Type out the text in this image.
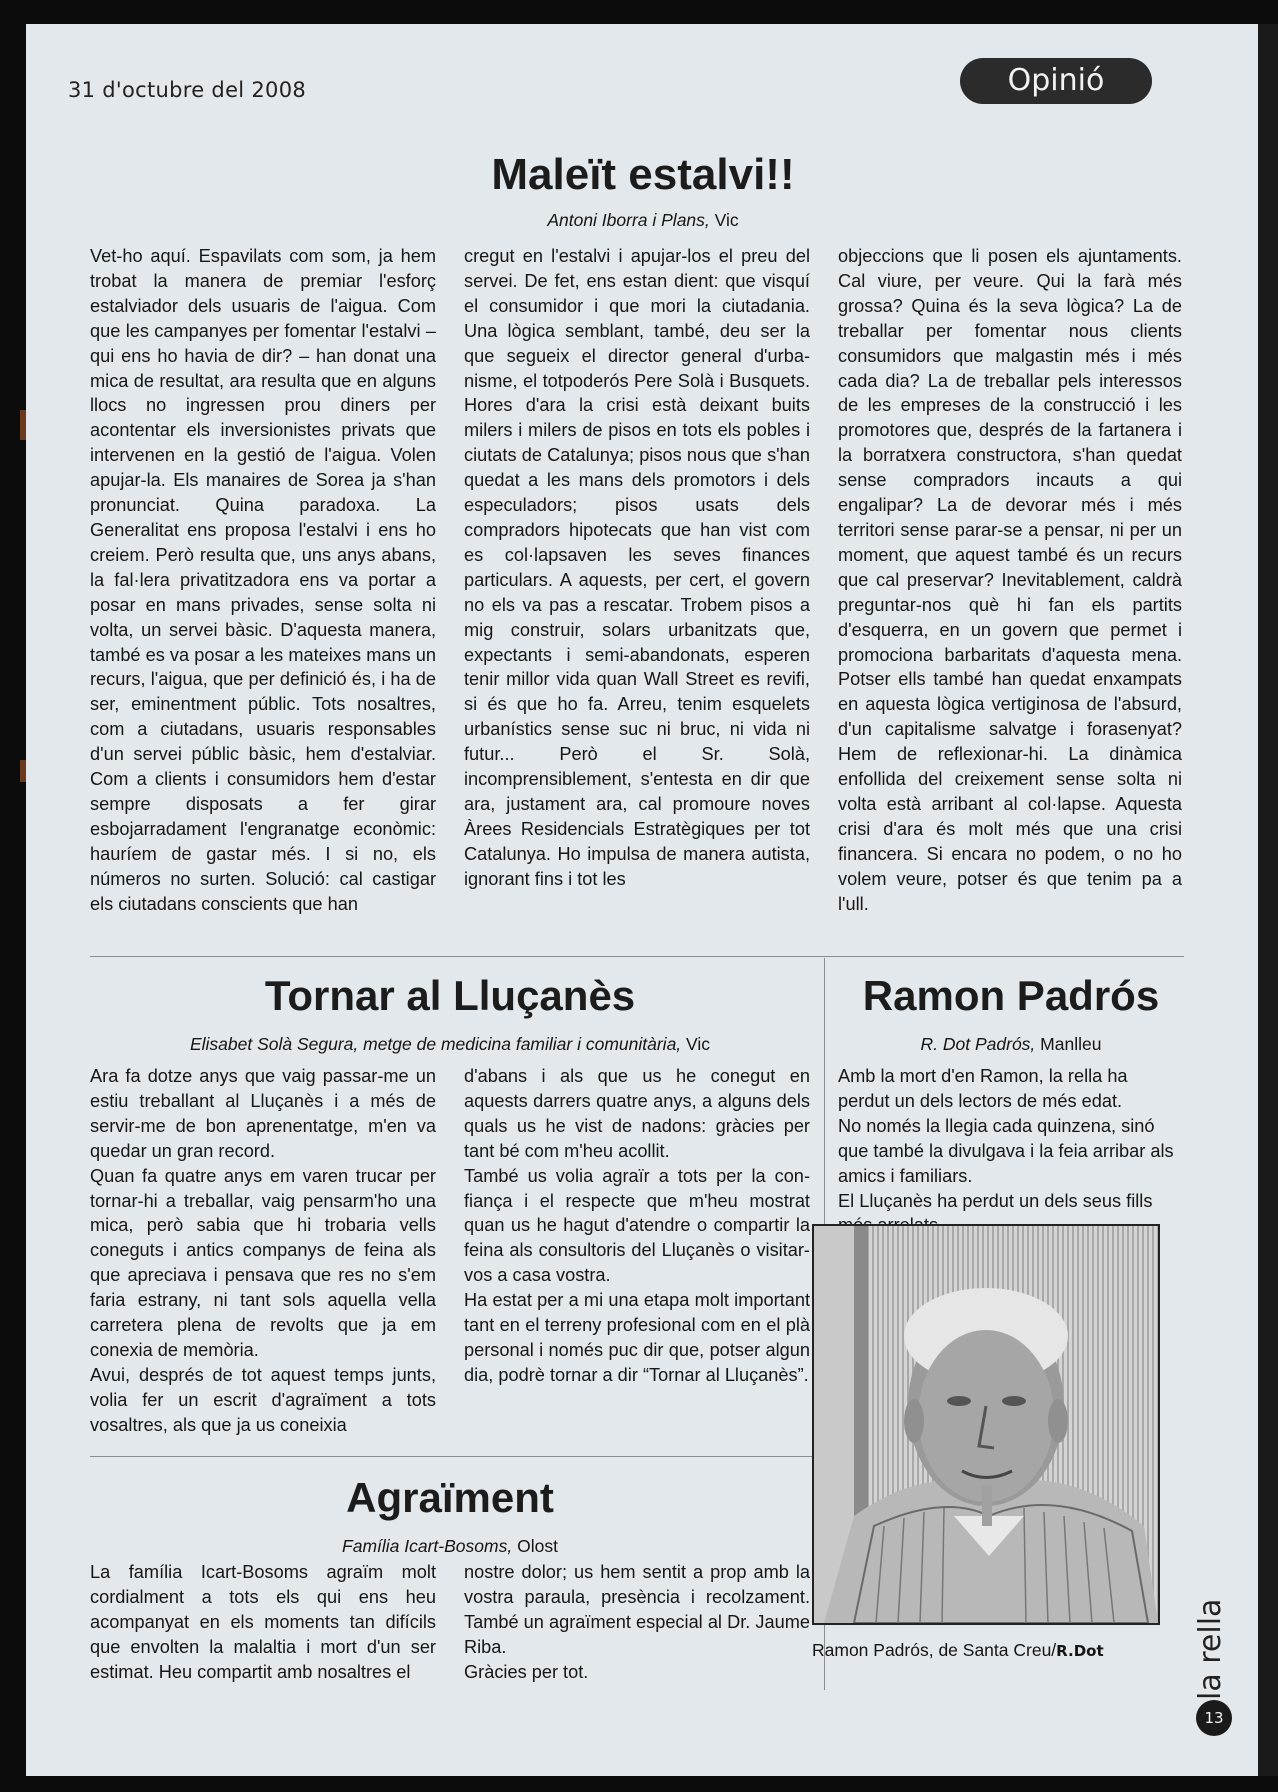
31 d'octubre del 2008	Opinió
Maleït estalvi!!
Antoni Iborra i Plans, Vic

Vet-ho aquí. Espavilats com som, ja hem trobat la manera de premiar l'esforç estalviador dels usuaris de l'aigua. Com que les campanyes per fomentar l'estalvi – qui ens ho havia de dir? – han donat una mica de resultat, ara resulta que en alguns llocs no ingressen prou diners per acontentar els inversionistes privats que intervenen en la gestió de l'aigua. Volen apujar-la. Els manaires de Sorea ja s'han pronunciat. Quina paradoxa. La Generalitat ens proposa l'estalvi i ens ho creiem. Però resulta que, uns anys abans, la fal·lera privatitzadora ens va portar a posar en mans privades, sense solta ni volta, un servei bàsic. D'aquesta manera, també es va posar a les mateixes mans un recurs, l'aigua, que per definició és, i ha de ser, eminentment públic. Tots nosaltres, com a ciutadans, usuaris responsables d'un servei públic bàsic, hem d'estalviar. Com a clients i consumidors hem d'estar sempre disposats a fer girar esbojarradament l'engranatge econòmic: hauríem de gastar més. I si no, els números no surten. Solució: cal castigar els ciutadans conscients que han

cregut en l'estalvi i apujar-los el preu del servei. De fet, ens estan dient: que visquí el consumidor i que mori la ciutadania. Una lògica semblant, també, deu ser la que segueix el director general d'urbanisme, el totpoderós Pere Solà i Busquets. Hores d'ara la crisi està deixant buits milers i milers de pisos en tots els pobles i ciutats de Catalunya; pisos nous que s'han quedat a les mans dels promotors i dels especuladors; pisos usats dels compradors hipotecats que han vist com es col·lapsaven les seves finances particulars. A aquests, per cert, el govern no els va pas a rescatar. Trobem pisos a mig construir, solars urbanitzats que, expectants i semi-abandonats, esperen tenir millor vida quan Wall Street es revifi, si és que ho fa. Arreu, tenim esquelets urbanístics sense suc ni bruc, ni vida ni futur... Però el Sr. Solà, incomprensiblement, s'entesta en dir que ara, justament ara, cal promoure noves Àrees Residencials Estratègiques per tot Catalunya. Ho impulsa de manera autista, ignorant fins i tot les

objeccions que li posen els ajuntaments. Cal viure, per veure. Qui la farà més grossa? Quina és la seva lògica? La de treballar per fomentar nous clients consumidors que malgastin més i més cada dia? La de treballar pels interessos de les empreses de la construcció i les promotores que, després de la fartanera i la borratxera constructora, s'han quedat sense compradors incauts a qui engalipar? La de devorar més i més territori sense parar-se a pensar, ni per un moment, que aquest també és un recurs que cal preservar? Inevitablement, caldrà preguntar-nos què hi fan els partits d'esquerra, en un govern que permet i promociona barbaritats d'aquesta mena. Potser ells també han quedat enxampats en aquesta lògica vertiginosa de l'absurd, d'un capitalisme salvatge i forasenyat? Hem de reflexionar-hi. La dinàmica enfollida del creixement sense solta ni volta està arribant al col·lapse. Aquesta crisi d'ara és molt més que una crisi financera. Si encara no podem, o no ho volem veure, potser és que tenim pa a l'ull.

Tornar al Lluçanès
Elisabet Solà Segura, metge de medicina familiar i comunitària, Vic

Ara fa dotze anys que vaig passar-me un estiu treballant al Lluçanès i a més de servir-me de bon aprenentatge, m'en va quedar un gran record.

Quan fa quatre anys em varen trucar per tornar-hi a treballar, vaig pensarm'ho una mica, però sabia que hi trobaria vells coneguts i antics companys de feina als que apreciava i pensava que res no s'em faria estrany, ni tant sols aquella vella carretera plena de revolts que ja em conexia de memòria.

Avui, després de tot aquest temps junts, volia fer un escrit d'agraïment a tots vosaltres, als que ja us coneixia

d'abans i als que us he conegut en aquests darrers quatre anys, a alguns dels quals us he vist de nadons: gràcies per tant bé com m'heu acollit.

També us volia agraïr a tots per la confiança i el respecte que m'heu mostrat quan us he hagut d'atendre o compartir la feina als consultoris del Lluçanès o visitar-vos a casa vostra.

Ha estat per a mi una etapa molt important tant en el terreny profesional com en el plà personal i només puc dir que, potser algun dia, podrè tornar a dir “Tornar al Lluçanès”.

Agraïment
Família Icart-Bosoms, Olost

La família Icart-Bosoms agraïm molt cordialment a tots els qui ens heu acompanyat en els moments tan difícils que envolten la malaltia i mort d'un ser estimat. Heu compartit amb nosaltres el

nostre dolor; us hem sentit a prop amb la vostra paraula, presència i recolzament. També un agraïment especial al Dr. Jaume Riba.

Gràcies per tot.

Ramon Padrós
R. Dot Padrós, Manlleu

Amb la mort d'en Ramon, la rella ha perdut un dels lectors de més edat.

No només la llegia cada quinzena, sinó que també la divulgava i la feia arribar als amics i familiars.

El Lluçanès ha perdut un dels seus fills

Ramon Padrós, de Santa Creu/R.Dot	la rella
13
